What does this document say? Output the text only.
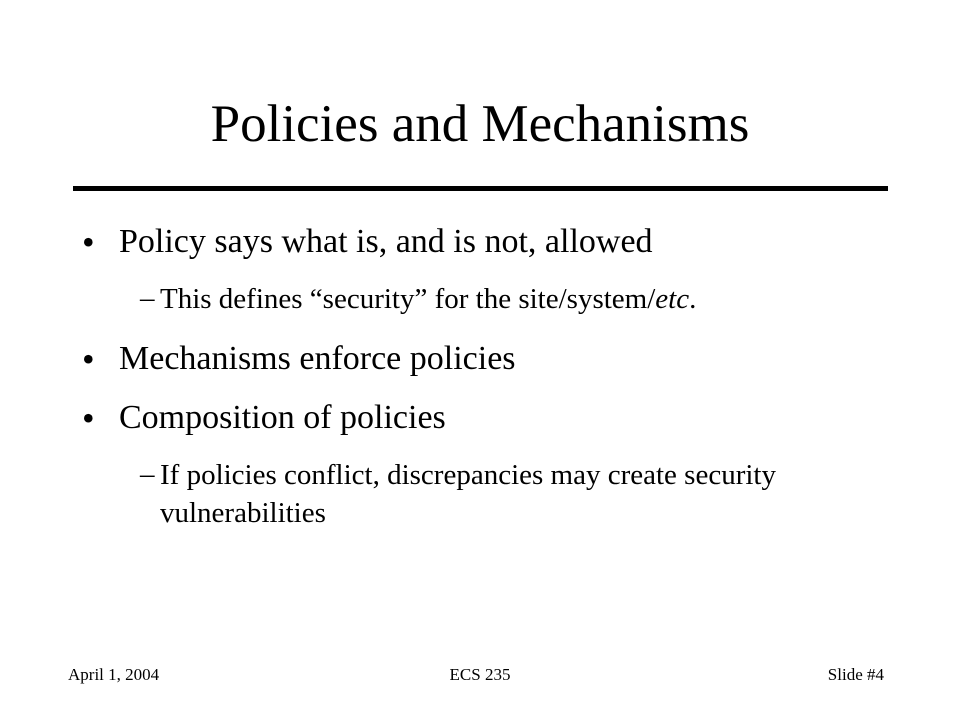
Policies and Mechanisms
• Policy says what is, and is not, allowed
– This defines “security” for the site/system/etc.
• Mechanisms enforce policies
• Composition of policies
– If policies conflict, discrepancies may create security vulnerabilities
April 1, 2004	ECS 235	Slide #4
